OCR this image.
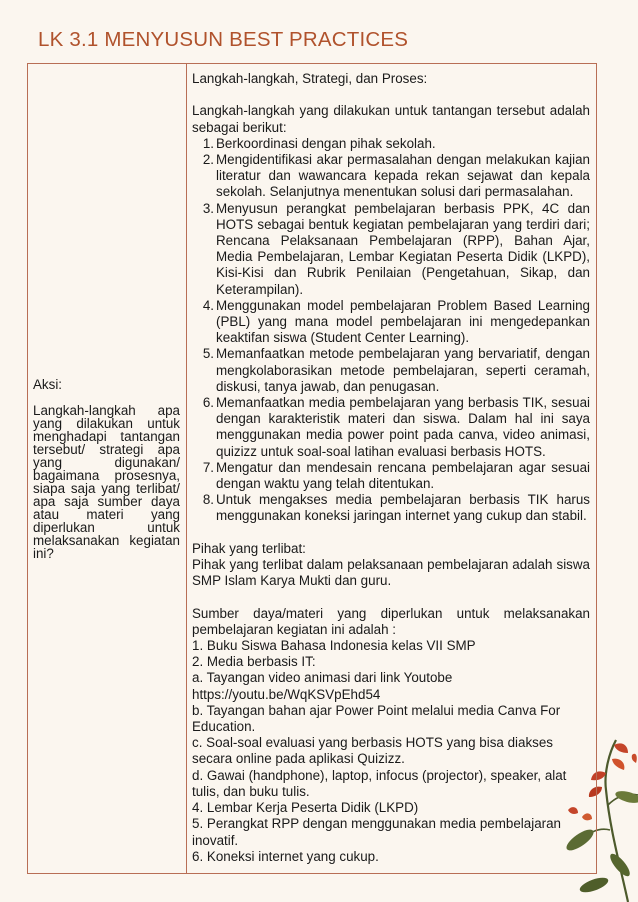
LK 3.1 MENYUSUN BEST PRACTICES
Aksi:
Langkah-langkah apa yang dilakukan untuk menghadapi tantangan tersebut/ strategi apa yang digunakan/ bagaimana prosesnya, siapa saja yang terlibat/ apa saja sumber daya atau materi yang diperlukan untuk melaksanakan kegiatan ini?

Langkah-langkah, Strategi, dan Proses:

Langkah-langkah yang dilakukan untuk tantangan tersebut adalah sebagai berikut:

1. Berkoordinasi dengan pihak sekolah.
2. Mengidentifikasi akar permasalahan dengan melakukan kajian literatur dan wawancara kepada rekan sejawat dan kepala sekolah. Selanjutnya menentukan solusi dari permasalahan.
3. Menyusun perangkat pembelajaran berbasis PPK, 4C dan HOTS sebagai bentuk kegiatan pembelajaran yang terdiri dari; Rencana Pelaksanaan Pembelajaran (RPP), Bahan Ajar, Media Pembelajaran, Lembar Kegiatan Peserta Didik (LKPD), Kisi-Kisi dan Rubrik Penilaian (Pengetahuan, Sikap, dan Keterampilan).
4. Menggunakan model pembelajaran Problem Based Learning (PBL) yang mana model pembelajaran ini mengedepankan keaktifan siswa (Student Center Learning).
5. Memanfaatkan metode pembelajaran yang bervariatif, dengan mengkolaborasikan metode pembelajaran, seperti ceramah, diskusi, tanya jawab, dan penugasan.
6. Memanfaatkan media pembelajaran yang berbasis TIK, sesuai dengan karakteristik materi dan siswa. Dalam hal ini saya menggunakan media power point pada canva, video animasi, quizizz untuk soal-soal latihan evaluasi berbasis HOTS.
7. Mengatur dan mendesain rencana pembelajaran agar sesuai dengan waktu yang telah ditentukan.
8. Untuk mengakses media pembelajaran berbasis TIK harus menggunakan koneksi jaringan internet yang cukup dan stabil.

Pihak yang terlibat:

Pihak yang terlibat dalam pelaksanaan pembelajaran adalah siswa SMP Islam Karya Mukti dan guru.

Sumber daya/materi yang diperlukan untuk melaksanakan pembelajaran kegiatan ini adalah :

1. Buku Siswa Bahasa Indonesia kelas VII SMP

2. Media berbasis IT:

a. Tayangan video animasi dari link Youtobe

https://youtu.be/WqKSVpEhd54

b. Tayangan bahan ajar Power Point melalui media Canva For Education.

c. Soal-soal evaluasi yang berbasis HOTS yang bisa diakses secara online pada aplikasi Quizizz.

d. Gawai (handphone), laptop, infocus (projector), speaker, alat tulis, dan buku tulis.

4. Lembar Kerja Peserta Didik (LKPD)

5. Perangkat RPP dengan menggunakan media pembelajaran inovatif.

6. Koneksi internet yang cukup.
